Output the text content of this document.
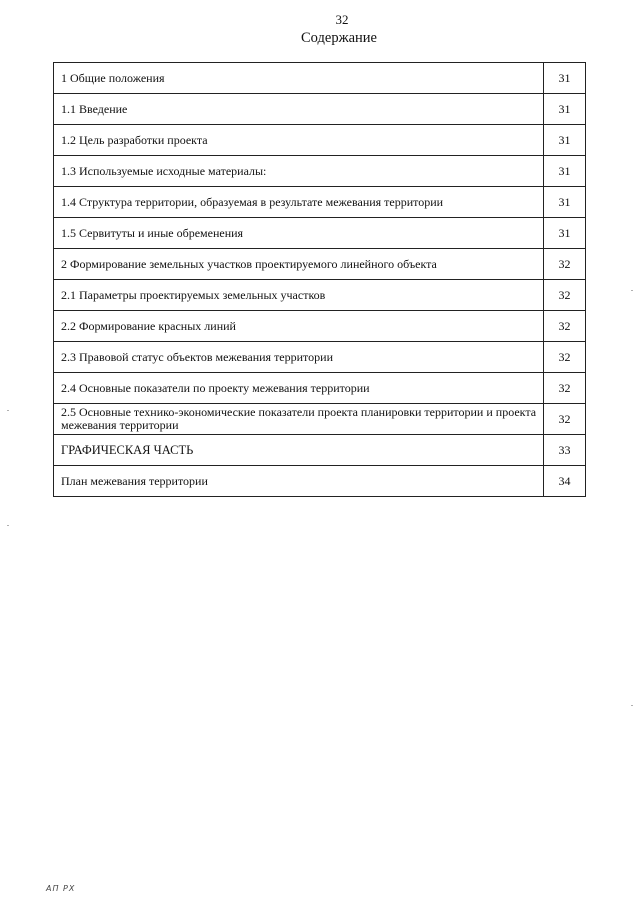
32
Содержание
1 Общие положения	31
1.1 Введение	31
1.2 Цель разработки проекта	31
1.3 Используемые исходные материалы:	31
1.4 Структура территории, образуемая в результате межевания территории	31
1.5 Сервитуты и иные обременения	31
2 Формирование земельных участков проектируемого линейного объекта	32
2.1 Параметры проектируемых земельных участков	32
2.2 Формирование красных линий	32
2.3 Правовой статус объектов межевания территории	32
2.4 Основные показатели по проекту межевания территории	32
2.5 Основные технико-экономические показатели проекта планировки территории и проекта межевания территории	32
ГРАФИЧЕСКАЯ ЧАСТЬ	33
План межевания территории	34
АП РХ
